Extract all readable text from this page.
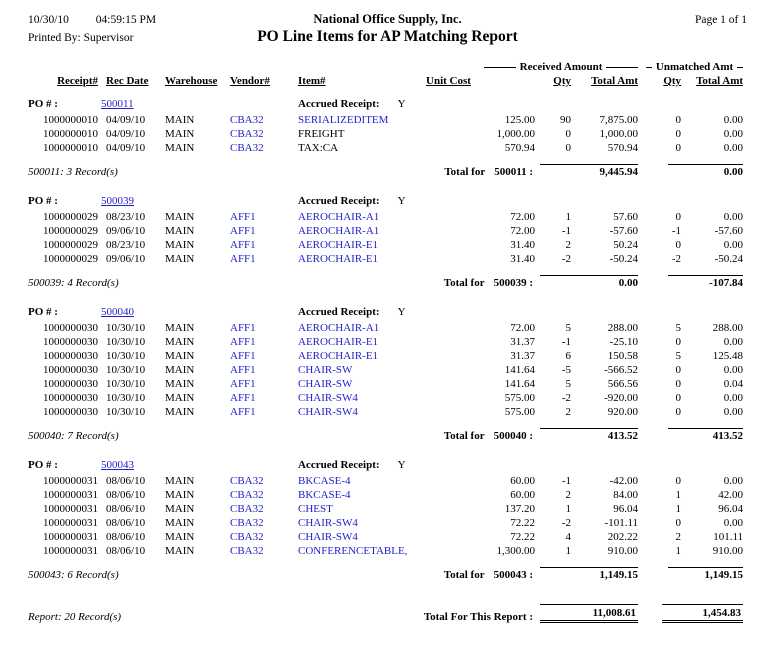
10/30/10 04:59:15 PM	National Office Supply, Inc.	Page 1 of 1
Printed By: Supervisor	PO Line Items for AP Matching Report

					Received Amount			Unmatched Amt	

Receipt#	Rec Date	Warehouse	Vendor#	Item#	Unit Cost	Qty	Total Amt	Qty	Total Amt
PO # :	500011			Accrued Receipt: Y					
1000000010	04/09/10	MAIN	CBA32	SERIALIZEDITEM	125.00	90	7,875.00	0	0.00
1000000010	04/09/10	MAIN	CBA32	FREIGHT	1,000.00	0	1,000.00	0	0.00
1000000010	04/09/10	MAIN	CBA32	TAX:CA	570.94	0	570.94	0	0.00
500011: 3 Record(s)					Total for 500011 :	9,445.94		0.00	

PO # :	500039			Accrued Receipt: Y					
1000000029	08/23/10	MAIN	AFF1	AEROCHAIR-A1	72.00	1	57.60	0	0.00
1000000029	09/06/10	MAIN	AFF1	AEROCHAIR-A1	72.00	-1	-57.60	-1	-57.60
1000000029	08/23/10	MAIN	AFF1	AEROCHAIR-E1	31.40	2	50.24	0	0.00
1000000029	09/06/10	MAIN	AFF1	AEROCHAIR-E1	31.40	-2	-50.24	-2	-50.24
500039: 4 Record(s)					Total for 500039 :	0.00		-107.84	

PO # :	500040			Accrued Receipt: Y					
1000000030	10/30/10	MAIN	AFF1	AEROCHAIR-A1	72.00	5	288.00	5	288.00
1000000030	10/30/10	MAIN	AFF1	AEROCHAIR-E1	31.37	-1	-25.10	0	0.00
1000000030	10/30/10	MAIN	AFF1	AEROCHAIR-E1	31.37	6	150.58	5	125.48
1000000030	10/30/10	MAIN	AFF1	CHAIR-SW	141.64	-5	-566.52	0	0.00
1000000030	10/30/10	MAIN	AFF1	CHAIR-SW	141.64	5	566.56	0	0.04
1000000030	10/30/10	MAIN	AFF1	CHAIR-SW4	575.00	-2	-920.00	0	0.00
1000000030	10/30/10	MAIN	AFF1	CHAIR-SW4	575.00	2	920.00	0	0.00
500040: 7 Record(s)					Total for 500040 :	413.52		413.52	

PO # :	500043			Accrued Receipt: Y					
1000000031	08/06/10	MAIN	CBA32	BKCASE-4	60.00	-1	-42.00	0	0.00
1000000031	08/06/10	MAIN	CBA32	BKCASE-4	60.00	2	84.00	1	42.00
1000000031	08/06/10	MAIN	CBA32	CHEST	137.20	1	96.04	1	96.04
1000000031	08/06/10	MAIN	CBA32	CHAIR-SW4	72.22	-2	-101.11	0	0.00
1000000031	08/06/10	MAIN	CBA32	CHAIR-SW4	72.22	4	202.22	2	101.11
1000000031	08/06/10	MAIN	CBA32	CONFERENCETABLE,	1,300.00	1	910.00	1	910.00
500043: 6 Record(s)					Total for 500043 :	1,149.15		1,149.15	

Report: 20 Record(s)					Total For This Report :	11,008.61		1,454.83	
